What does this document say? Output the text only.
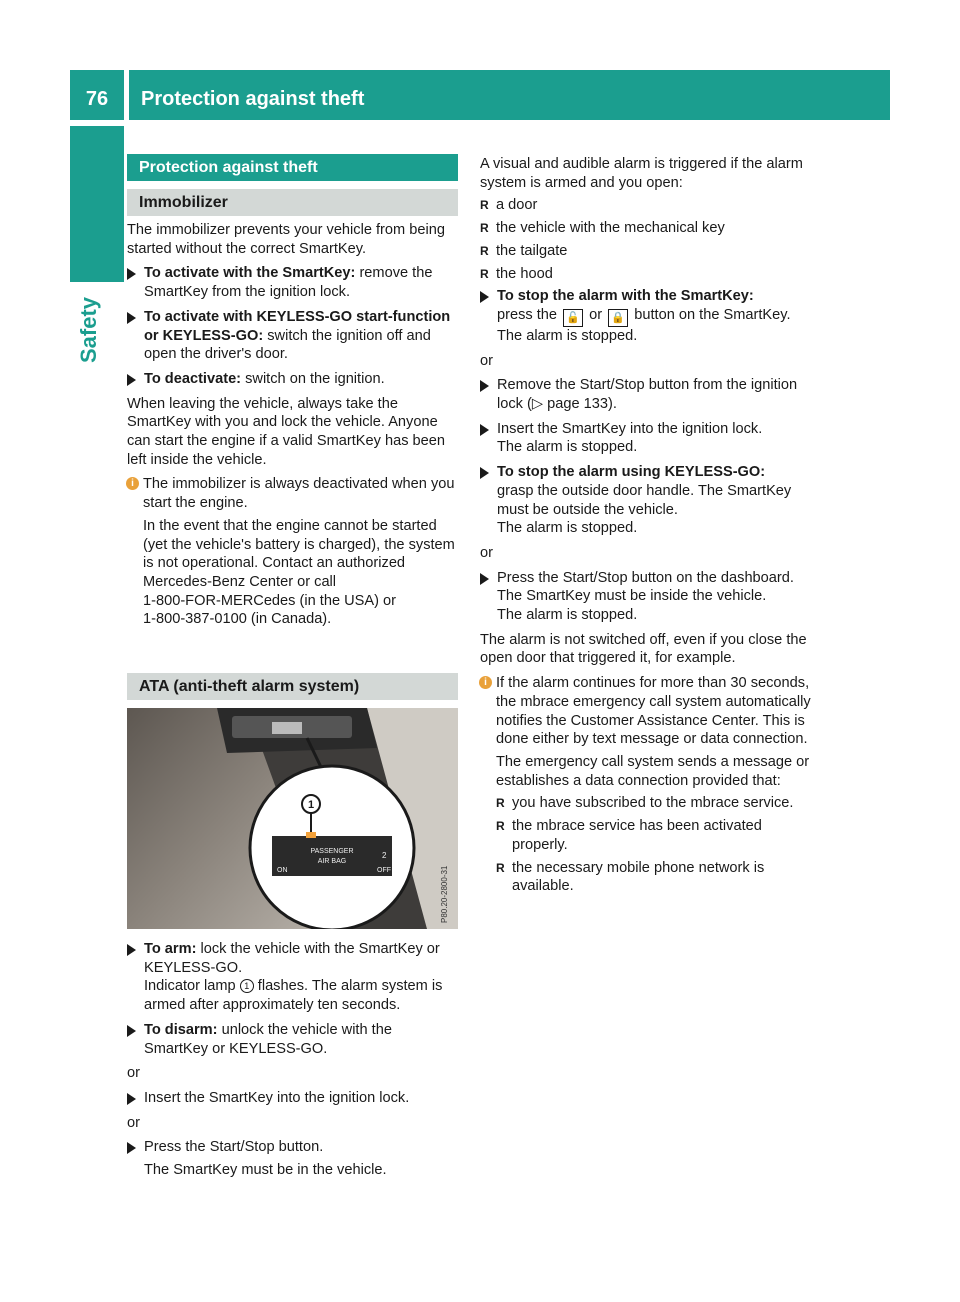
76	Protection against theft
Safety
Protection against theft
Immobilizer

The immobilizer prevents your vehicle from being started without the correct SmartKey.

To activate with the SmartKey: remove the SmartKey from the ignition lock.

To activate with KEYLESS-GO start-function or KEYLESS-GO: switch the ignition off and open the driver's door.

To deactivate: switch on the ignition.

When leaving the vehicle, always take the SmartKey with you and lock the vehicle. Anyone can start the engine if a valid SmartKey has been left inside the vehicle.

i The immobilizer is always deactivated when you start the engine.

In the event that the engine cannot be started (yet the vehicle's battery is charged), the system is not operational. Contact an authorized Mercedes-Benz Center or call

1-800-FOR-MERCedes (in the USA) or

1-800-387-0100 (in Canada).

ATA (anti-theft alarm system)
1
PASSENGER
AIR BAG
ON	OFF
2
P80.20-2800-31

To arm: lock the vehicle with the SmartKey or KEYLESS-GO.
Indicator lamp 1 flashes. The alarm system is armed after approximately ten seconds.

To disarm: unlock the vehicle with the SmartKey or KEYLESS-GO.

or

Insert the SmartKey into the ignition lock.

or

Press the Start/Stop button.

The SmartKey must be in the vehicle.

A visual and audible alarm is triggered if the alarm system is armed and you open:

R a door

R the vehicle with the mechanical key

R the tailgate

R the hood

To stop the alarm with the SmartKey:
press the 🔓 or 🔒 button on the SmartKey.
The alarm is stopped.

or

Remove the Start/Stop button from the ignition lock (▷ page 133).

Insert the SmartKey into the ignition lock.
The alarm is stopped.

To stop the alarm using KEYLESS-GO:
grasp the outside door handle. The SmartKey must be outside the vehicle.
The alarm is stopped.

or

Press the Start/Stop button on the dashboard. The SmartKey must be inside the vehicle.
The alarm is stopped.

The alarm is not switched off, even if you close the open door that triggered it, for example.

i If the alarm continues for more than 30 seconds, the mbrace emergency call system automatically notifies the Customer Assistance Center. This is done either by text message or data connection.

The emergency call system sends a message or establishes a data connection provided that:

R you have subscribed to the mbrace service.

R the mbrace service has been activated properly.

R the necessary mobile phone network is available.
